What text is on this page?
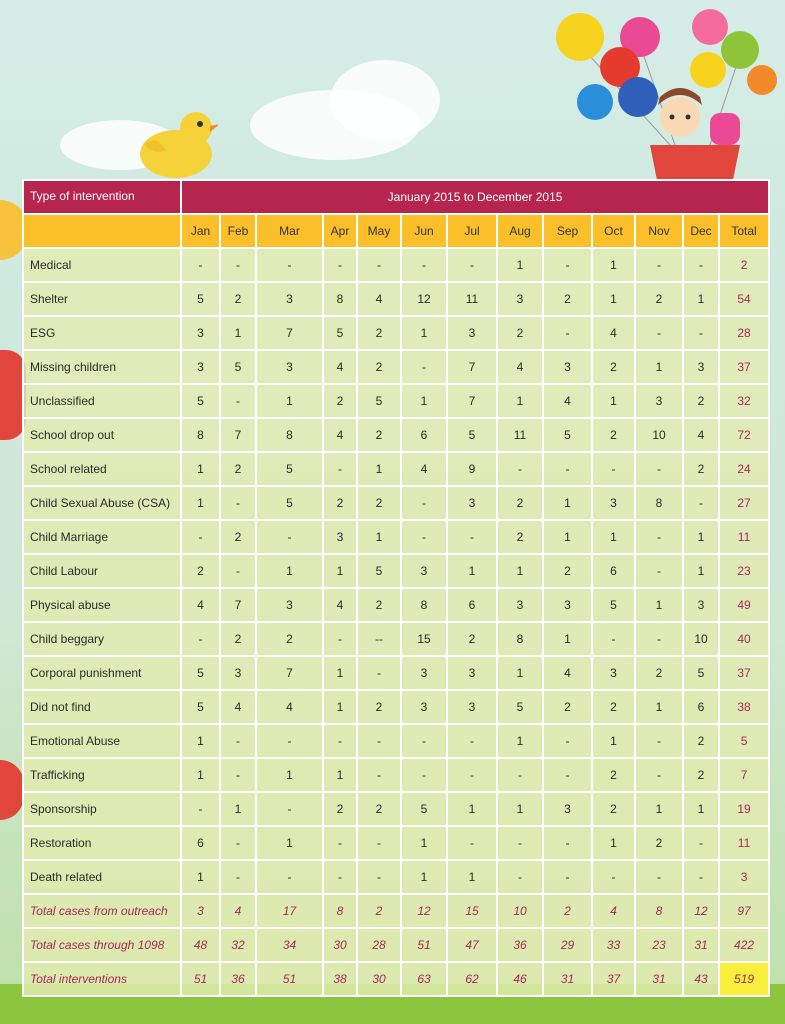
Type of intervention	January 2015 to December 2015												
	Jan	Feb	Mar	Apr	May	Jun	Jul	Aug	Sep	Oct	Nov	Dec	Total
Medical	-	-	-	-	-	-	-	1	-	1	-	-	2
Shelter	5	2	3	8	4	12	11	3	2	1	2	1	54
ESG	3	1	7	5	2	1	3	2	-	4	-	-	28
Missing children	3	5	3	4	2	-	7	4	3	2	1	3	37
Unclassified	5	-	1	2	5	1	7	1	4	1	3	2	32
School drop out	8	7	8	4	2	6	5	11	5	2	10	4	72
School related	1	2	5	-	1	4	9	-	-	-	-	2	24
Child Sexual Abuse (CSA)	1	-	5	2	2	-	3	2	1	3	8	-	27
Child Marriage	-	2	-	3	1	-	-	2	1	1	-	1	11
Child Labour	2	-	1	1	5	3	1	1	2	6	-	1	23
Physical abuse	4	7	3	4	2	8	6	3	3	5	1	3	49
Child beggary	-	2	2	-	--	15	2	8	1	-	-	10	40
Corporal punishment	5	3	7	1	-	3	3	1	4	3	2	5	37
Did not find	5	4	4	1	2	3	3	5	2	2	1	6	38
Emotional Abuse	1	-	-	-	-	-	-	1	-	1	-	2	5
Trafficking	1	-	1	1	-	-	-	-	-	2	-	2	7
Sponsorship	-	1	-	2	2	5	1	1	3	2	1	1	19
Restoration	6	-	1	-	-	1	-	-	-	1	2	-	11
Death related	1	-	-	-	-	1	1	-	-	-	-	-	3
Total cases from outreach	3	4	17	8	2	12	15	10	2	4	8	12	97
Total cases through 1098	48	32	34	30	28	51	47	36	29	33	23	31	422
Total interventions	51	36	51	38	30	63	62	46	31	37	31	43	519
